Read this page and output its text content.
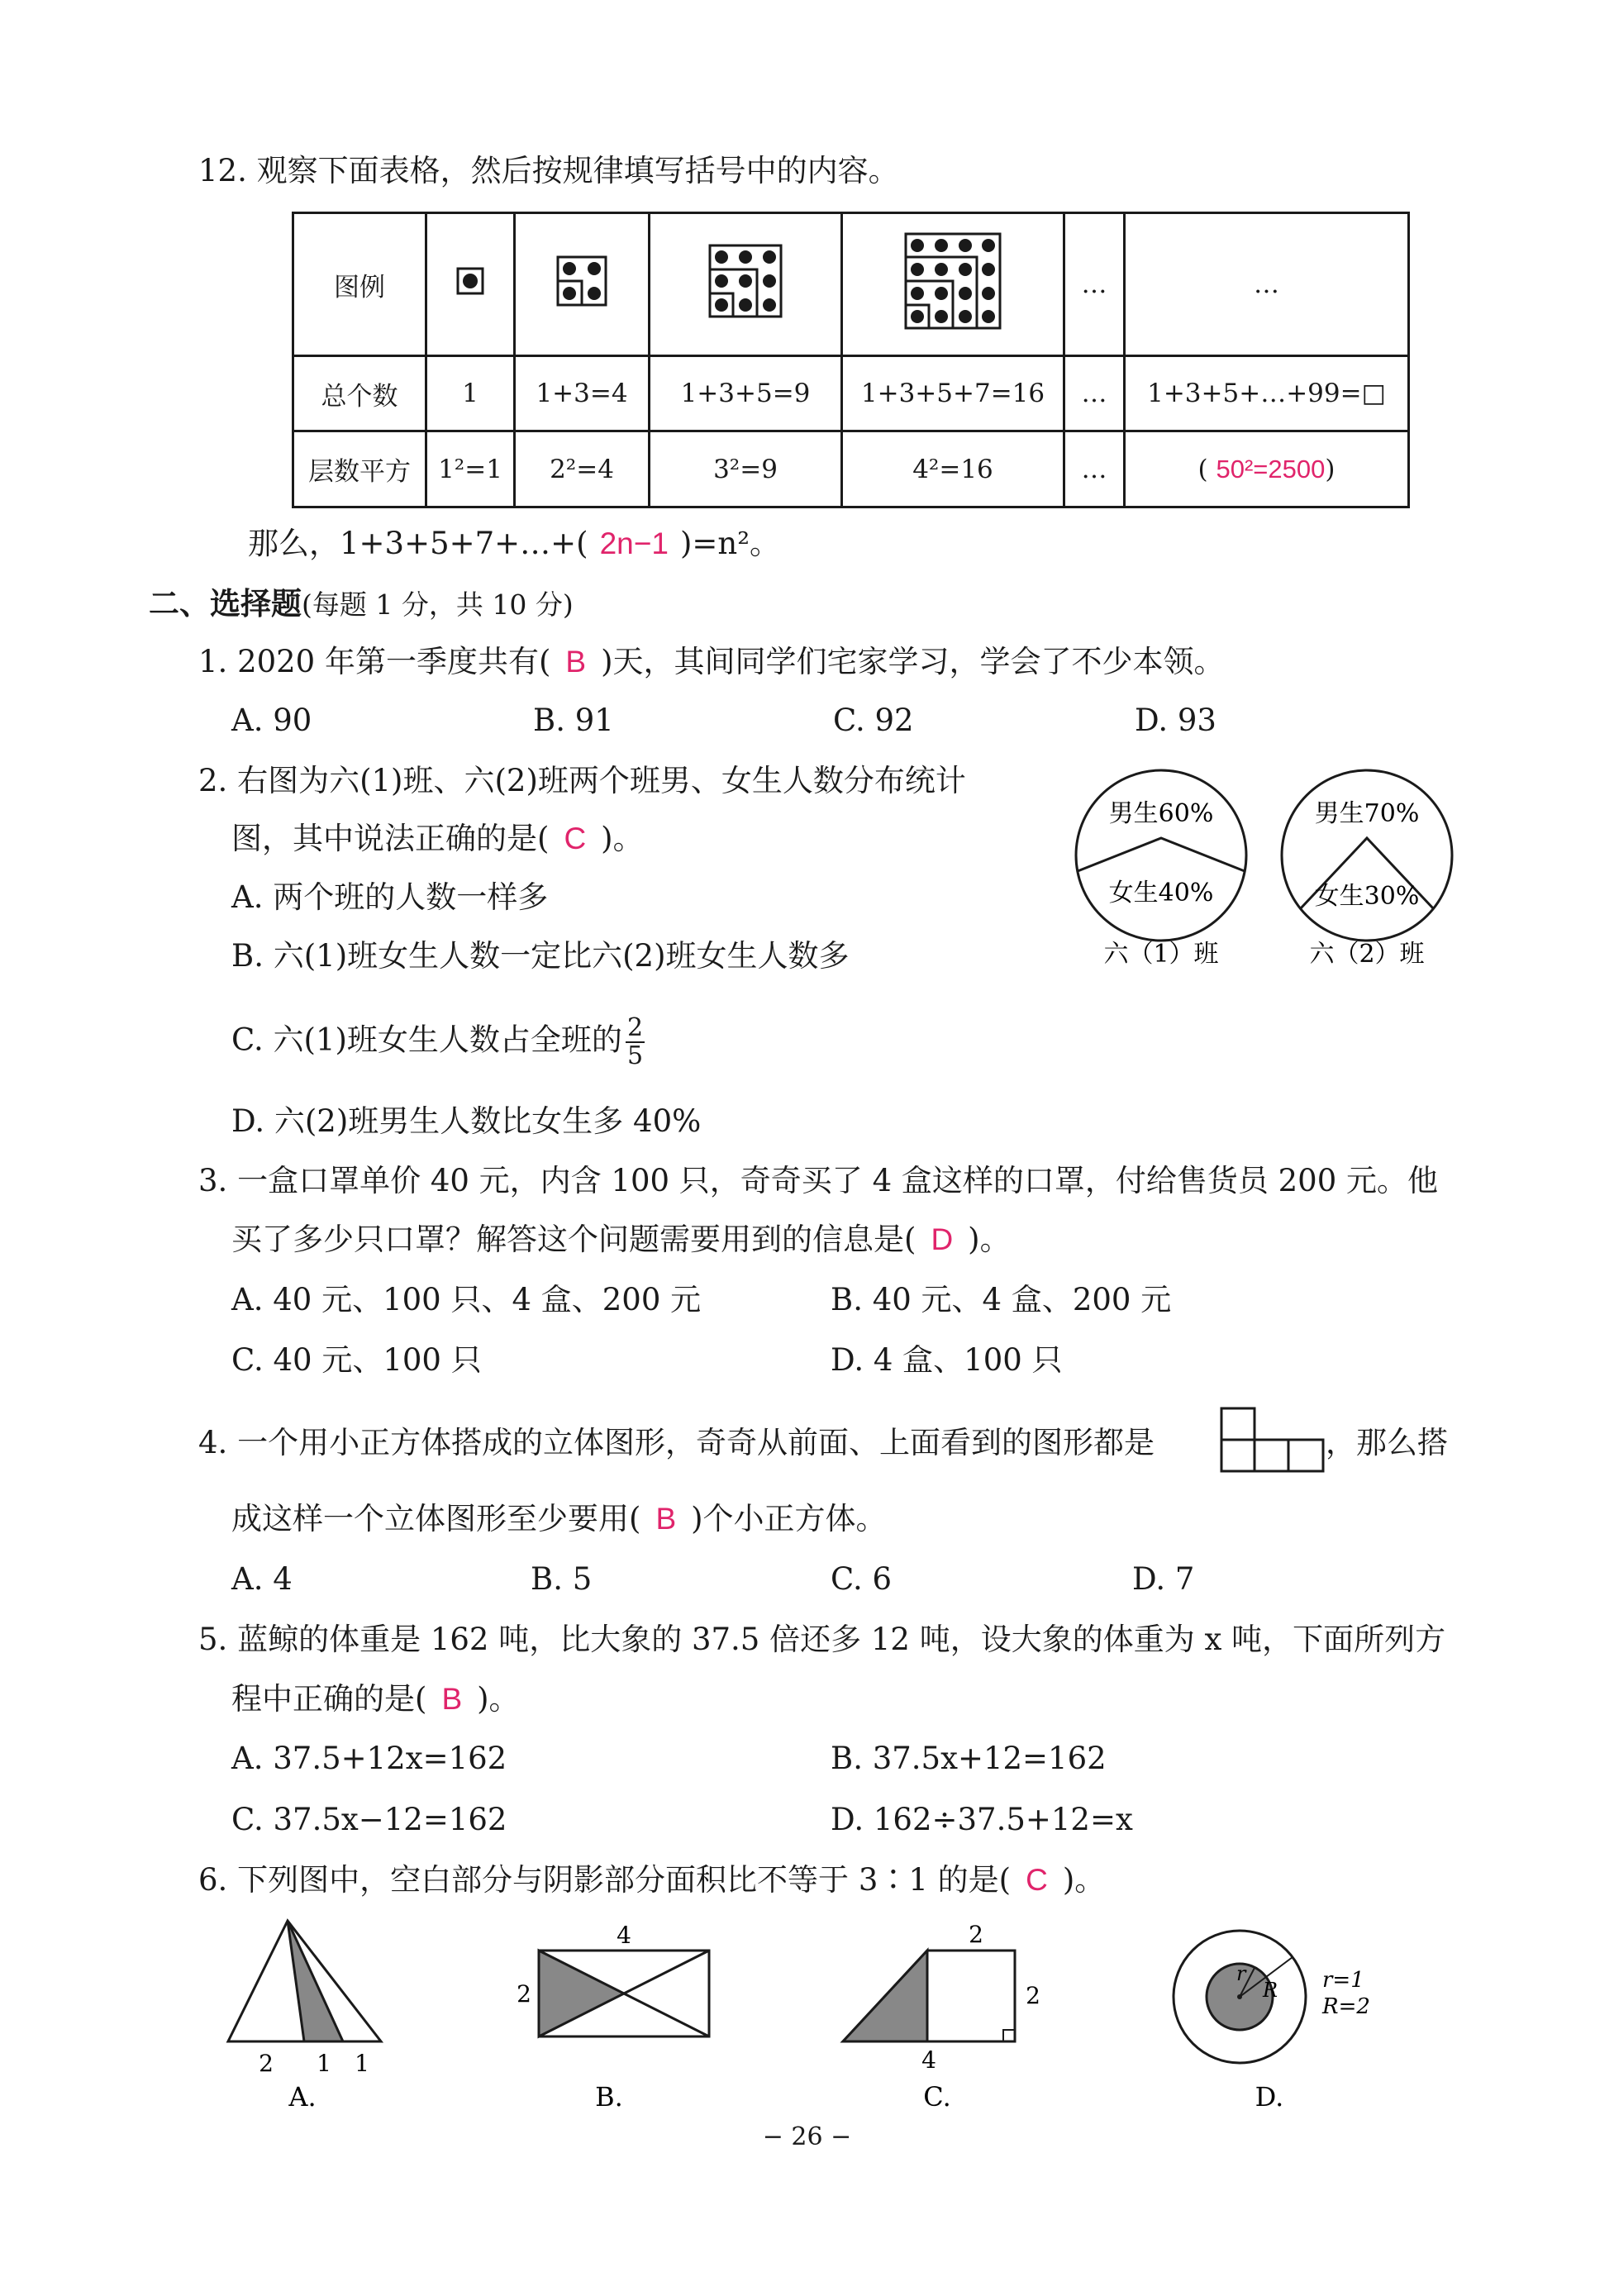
12. 观察下面表格，然后按规律填写括号中的内容。
图例					…	…
总个数	1	1+3=4	1+3+5=9	1+3+5+7=16	…	1+3+5+…+99=□
层数平方	1²=1	2²=4	3²=9	4²=16	…	( 50²=2500)
那么，1+3+5+7+…+( 2n−1 )=n²。
二、选择题(每题 1 分，共 10 分)
1. 2020 年第一季度共有( B )天，其间同学们宅家学习，学会了不少本领。
A. 90	B. 91	C. 92	D. 93
2. 右图为六(1)班、六(2)班两个班男、女生人数分布统计
图，其中说法正确的是( C )。
A. 两个班的人数一样多
B. 六(1)班女生人数一定比六(2)班女生人数多
C. 六(1)班女生人数占全班的 $\frac{2}{5}$
D. 六(2)班男生人数比女生多 40%
男生60%
女生40%
六（1）班
男生70%
女生30%
六（2）班
3. 一盒口罩单价 40 元，内含 100 只，奇奇买了 4 盒这样的口罩，付给售货员 200 元。他
买了多少只口罩？解答这个问题需要用到的信息是( D )。
A. 40 元、100 只、4 盒、200 元	B. 40 元、4 盒、200 元
C. 40 元、100 只	D. 4 盒、100 只
4. 一个用小正方体搭成的立体图形，奇奇从前面、上面看到的图形都是	，那么搭
成这样一个立体图形至少要用( B )个小正方体。
A. 4	B. 5	C. 6	D. 7
5. 蓝鲸的体重是 162 吨，比大象的 37.5 倍还多 12 吨，设大象的体重为 x 吨，下面所列方
程中正确的是( B )。
A. 37.5+12x=162	B. 37.5x+12=162
C. 37.5x−12=162	D. 162÷37.5+12=x
6. 下列图中，空白部分与阴影部分面积比不等于 3∶1 的是( C )。
2 1 1
A.
4
2
B.
2
2
4
C.
r
R r=1
R=2
D.
− 26 −
